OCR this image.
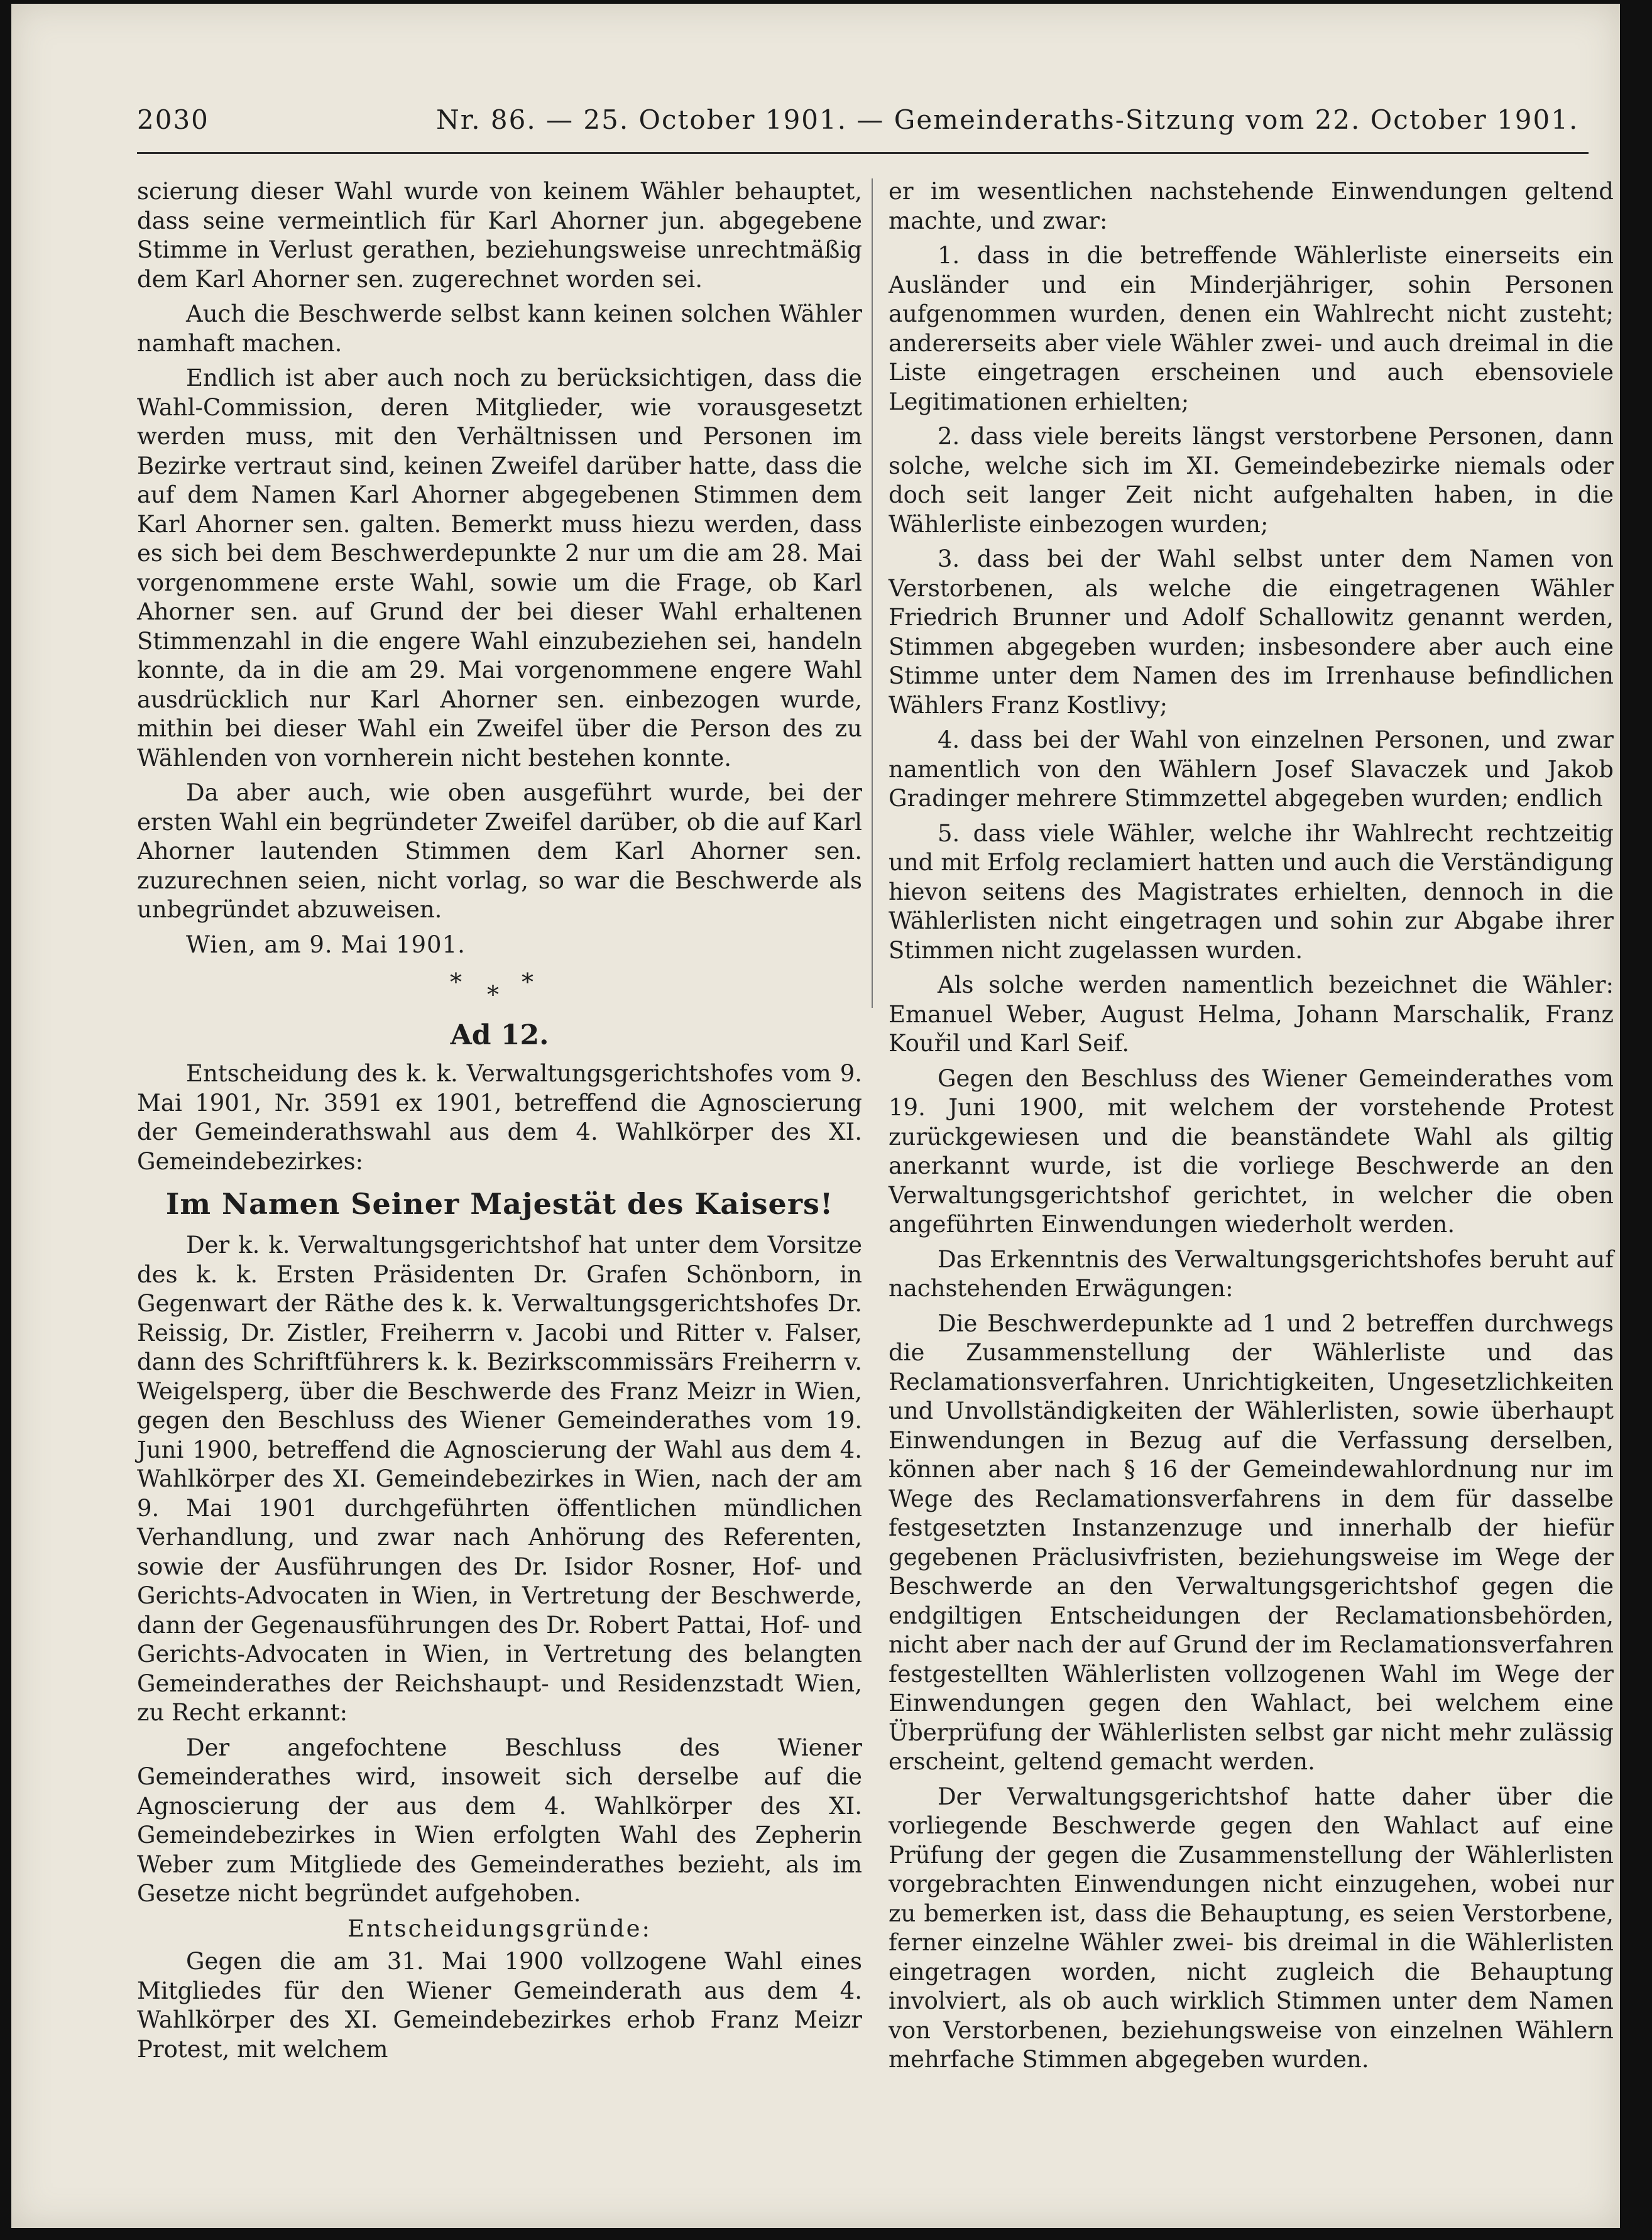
2030	Nr. 86. — 25. October 1901. — Gemeinderaths-Sitzung vom 22. October 1901.

scierung dieser Wahl wurde von keinem Wähler behauptet, dass seine vermeintlich für Karl Ahorner jun. abgegebene Stimme in Verlust gerathen, beziehungsweise unrechtmäßig dem Karl Ahorner sen. zugerechnet worden sei.

Auch die Beschwerde selbst kann keinen solchen Wähler namhaft machen.

Endlich ist aber auch noch zu berücksichtigen, dass die Wahl-Commission, deren Mitglieder, wie vorausgesetzt werden muss, mit den Verhältnissen und Personen im Bezirke vertraut sind, keinen Zweifel darüber hatte, dass die auf dem Namen Karl Ahorner abgegebenen Stimmen dem Karl Ahorner sen. galten. Bemerkt muss hiezu werden, dass es sich bei dem Beschwerdepunkte 2 nur um die am 28. Mai vorgenommene erste Wahl, sowie um die Frage, ob Karl Ahorner sen. auf Grund der bei dieser Wahl erhaltenen Stimmenzahl in die engere Wahl einzubeziehen sei, handeln konnte, da in die am 29. Mai vorgenommene engere Wahl ausdrücklich nur Karl Ahorner sen. einbezogen wurde, mithin bei dieser Wahl ein Zweifel über die Person des zu Wählenden von vornherein nicht bestehen konnte.

Da aber auch, wie oben ausgeführt wurde, bei der ersten Wahl ein begründeter Zweifel darüber, ob die auf Karl Ahorner lautenden Stimmen dem Karl Ahorner sen. zuzurechnen seien, nicht vorlag, so war die Beschwerde als unbegründet abzuweisen.

Wien, am 9. Mai 1901.

* * *
Ad 12.

Entscheidung des k. k. Verwaltungsgerichtshofes vom 9. Mai 1901, Nr. 3591 ex 1901, betreffend die Agnoscierung der Gemeinderathswahl aus dem 4. Wahlkörper des XI. Gemeindebezirkes:

Im Namen Seiner Majestät des Kaisers!

Der k. k. Verwaltungsgerichtshof hat unter dem Vorsitze des k. k. Ersten Präsidenten Dr. Grafen Schönborn, in Gegenwart der Räthe des k. k. Verwaltungsgerichtshofes Dr. Reissig, Dr. Zistler, Freiherrn v. Jacobi und Ritter v. Falser, dann des Schriftführers k. k. Bezirkscommissärs Freiherrn v. Weigelsperg, über die Beschwerde des Franz Meizr in Wien, gegen den Beschluss des Wiener Gemeinderathes vom 19. Juni 1900, betreffend die Agnoscierung der Wahl aus dem 4. Wahlkörper des XI. Gemeindebezirkes in Wien, nach der am 9. Mai 1901 durchgeführten öffentlichen mündlichen Verhandlung, und zwar nach Anhörung des Referenten, sowie der Ausführungen des Dr. Isidor Rosner, Hof- und Gerichts-Advocaten in Wien, in Vertretung der Beschwerde, dann der Gegenausführungen des Dr. Robert Pattai, Hof- und Gerichts-Advocaten in Wien, in Vertretung des belangten Gemeinderathes der Reichshaupt- und Residenzstadt Wien, zu Recht erkannt:

Der angefochtene Beschluss des Wiener Gemeinderathes wird, insoweit sich derselbe auf die Agnoscierung der aus dem 4. Wahlkörper des XI. Gemeindebezirkes in Wien erfolgten Wahl des Zepherin Weber zum Mitgliede des Gemeinderathes bezieht, als im Gesetze nicht begründet aufgehoben.

Entscheidungsgründe:

Gegen die am 31. Mai 1900 vollzogene Wahl eines Mitgliedes für den Wiener Gemeinderath aus dem 4. Wahlkörper des XI. Gemeindebezirkes erhob Franz Meizr Protest, mit welchem

er im wesentlichen nachstehende Einwendungen geltend machte, und zwar:

1. dass in die betreffende Wählerliste einerseits ein Ausländer und ein Minderjähriger, sohin Personen aufgenommen wurden, denen ein Wahlrecht nicht zusteht; andererseits aber viele Wähler zwei- und auch dreimal in die Liste eingetragen erscheinen und auch ebensoviele Legitimationen erhielten;

2. dass viele bereits längst verstorbene Personen, dann solche, welche sich im XI. Gemeindebezirke niemals oder doch seit langer Zeit nicht aufgehalten haben, in die Wählerliste einbezogen wurden;

3. dass bei der Wahl selbst unter dem Namen von Verstorbenen, als welche die eingetragenen Wähler Friedrich Brunner und Adolf Schallowitz genannt werden, Stimmen abgegeben wurden; insbesondere aber auch eine Stimme unter dem Namen des im Irrenhause befindlichen Wählers Franz Kostlivy;

4. dass bei der Wahl von einzelnen Personen, und zwar namentlich von den Wählern Josef Slavaczek und Jakob Gradinger mehrere Stimmzettel abgegeben wurden; endlich

5. dass viele Wähler, welche ihr Wahlrecht rechtzeitig und mit Erfolg reclamiert hatten und auch die Verständigung hievon seitens des Magistrates erhielten, dennoch in die Wählerlisten nicht eingetragen und sohin zur Abgabe ihrer Stimmen nicht zugelassen wurden.

Als solche werden namentlich bezeichnet die Wähler: Emanuel Weber, August Helma, Johann Marschalik, Franz Kouřil und Karl Seif.

Gegen den Beschluss des Wiener Gemeinderathes vom 19. Juni 1900, mit welchem der vorstehende Protest zurückgewiesen und die beanständete Wahl als giltig anerkannt wurde, ist die vorliege Beschwerde an den Verwaltungsgerichtshof gerichtet, in welcher die oben angeführten Einwendungen wiederholt werden.

Das Erkenntnis des Verwaltungsgerichtshofes beruht auf nachstehenden Erwägungen:

Die Beschwerdepunkte ad 1 und 2 betreffen durchwegs die Zusammenstellung der Wählerliste und das Reclamationsverfahren. Unrichtigkeiten, Ungesetzlichkeiten und Unvollständigkeiten der Wählerlisten, sowie überhaupt Einwendungen in Bezug auf die Verfassung derselben, können aber nach § 16 der Gemeindewahlordnung nur im Wege des Reclamationsverfahrens in dem für dasselbe festgesetzten Instanzenzuge und innerhalb der hiefür gegebenen Präclusivfristen, beziehungsweise im Wege der Beschwerde an den Verwaltungsgerichtshof gegen die endgiltigen Entscheidungen der Reclamationsbehörden, nicht aber nach der auf Grund der im Reclamationsverfahren festgestellten Wählerlisten vollzogenen Wahl im Wege der Einwendungen gegen den Wahlact, bei welchem eine Überprüfung der Wählerlisten selbst gar nicht mehr zulässig erscheint, geltend gemacht werden.

Der Verwaltungsgerichtshof hatte daher über die vorliegende Beschwerde gegen den Wahlact auf eine Prüfung der gegen die Zusammenstellung der Wählerlisten vorgebrachten Einwendungen nicht einzugehen, wobei nur zu bemerken ist, dass die Behauptung, es seien Verstorbene, ferner einzelne Wähler zwei- bis dreimal in die Wählerlisten eingetragen worden, nicht zugleich die Behauptung involviert, als ob auch wirklich Stimmen unter dem Namen von Verstorbenen, beziehungsweise von einzelnen Wählern mehrfache Stimmen abgegeben wurden.
